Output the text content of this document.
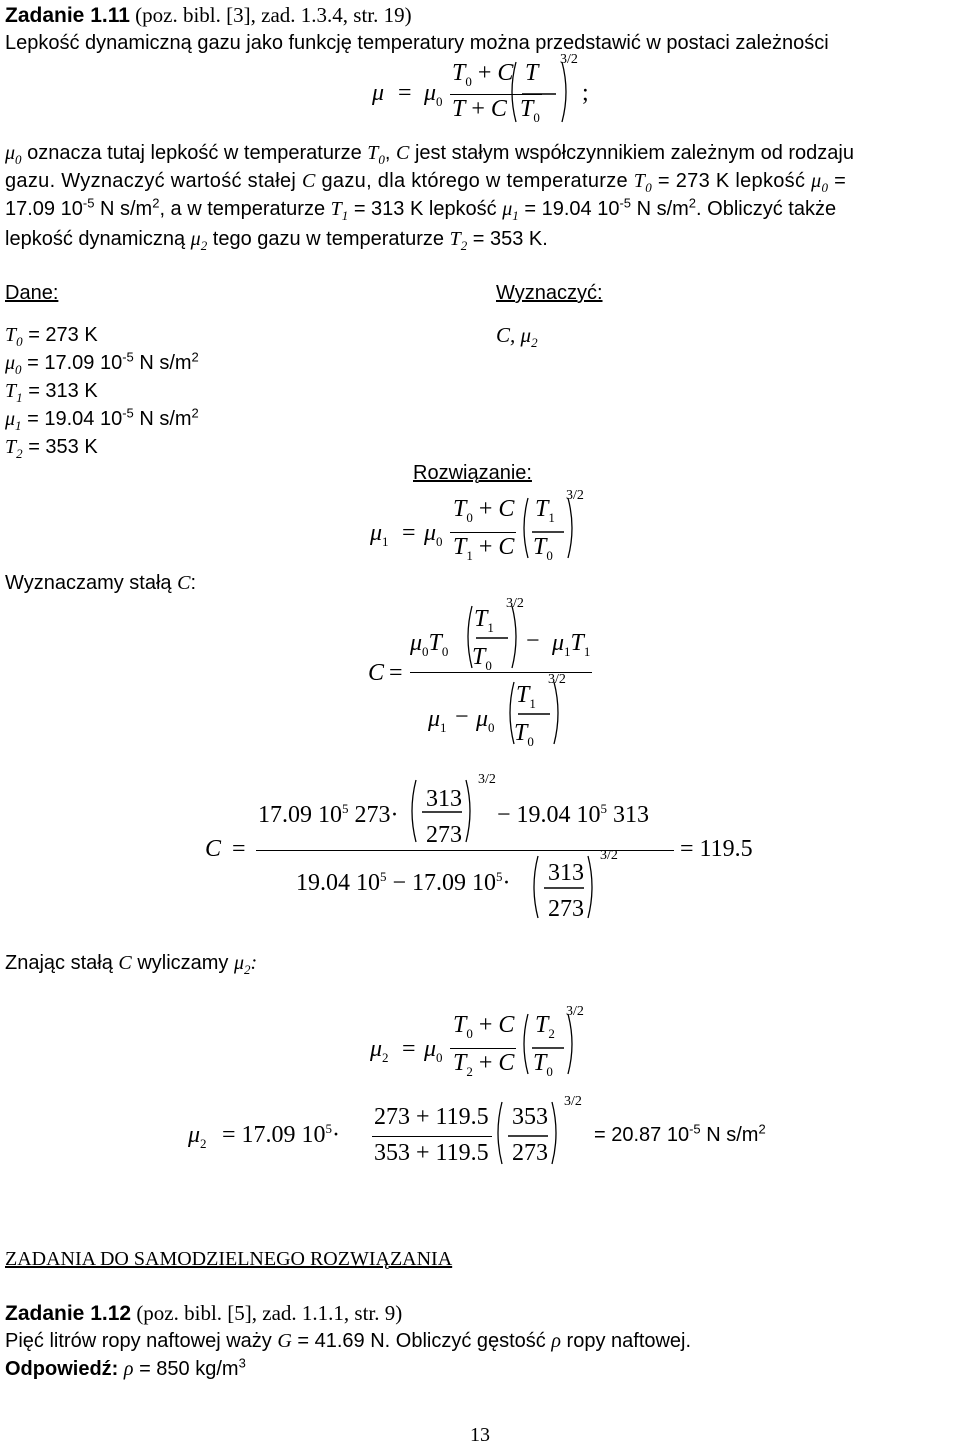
Zadanie 1.11 (poz. bibl. [3], zad. 1.3.4, str. 19)
Lepkość dynamiczną gazu jako funkcję temperatury można przedstawić w postaci zależności
$\mu = \mu_0$
$T_0 + C$
T + C
T
$T_0$
3/2
;
$\mu_0$ oznacza tutaj lepkość w temperaturze $T_0$, C jest stałym współczynnikiem zależnym od rodzaju
gazu. Wyznaczyć wartość stałej C gazu, dla którego w temperaturze $T_0 = 273$ K lepkość $\mu_0$ =
17.09 $10^{-5}$ N $s/m^2$, a w temperaturze $T_1 = 313$ K lepkość $\mu_1 = 19.04$ $10^{-5}$ N $s/m^2$. Obliczyć także
lepkość dynamiczną $\mu_2$ tego gazu w temperaturze $T_2 = 353$ K.
Dane:
$T_0 = 273$ K
$\mu_0 = 17.09$ $10^{-5}$ N $s/m^2$
$T_1 = 313$ K
$\mu_1 = 19.04$ $10^{-5}$ N $s/m^2$
$T_2 = 353$ K
Wyznaczyć:
C, $\mu_2$
Rozwiązanie:
$\mu_1 = \mu_0$
$T_0 + C$
$T_1 + C$
$T_1$
$T_0$
3/2
Wyznaczamy stałą C:
C =
$\mu_0T_0$
$T_1$
$T_0$
3/2
− $\mu_1T_1$
$\mu_1 - \mu_0$
$T_1$
$T_0$
3/2
C =
17.09 $10^5$ 273·
313
273
3/2
− 19.04 $10^5$ 313
19.04 $10^5 - 17.09$ $10^5\cdot 313$
273
3/2	= 119.5
Znając stałą C wyliczamy $\mu_2$:
$\mu_2 = \mu_0$
$T_0 + C$
$T_2 + C$
$T_2$
$T_0$
3/2
$\mu_2 = 17.09$ $10^5\cdot$
273 + 119.5
353 + 119.5
353
273
3/2
= 20.87 $10^{-5}$ N $s/m^2$
ZADANIA DO SAMODZIELNEGO ROZWIĄZANIA
Zadanie 1.12 (poz. bibl. [5], zad. 1.1.1, str. 9)
Pięć litrów ropy naftowej waży G = 41.69 N. Obliczyć gęstość ρ ropy naftowej.
Odpowiedź: ρ = 850 $kg/m^3$
13
